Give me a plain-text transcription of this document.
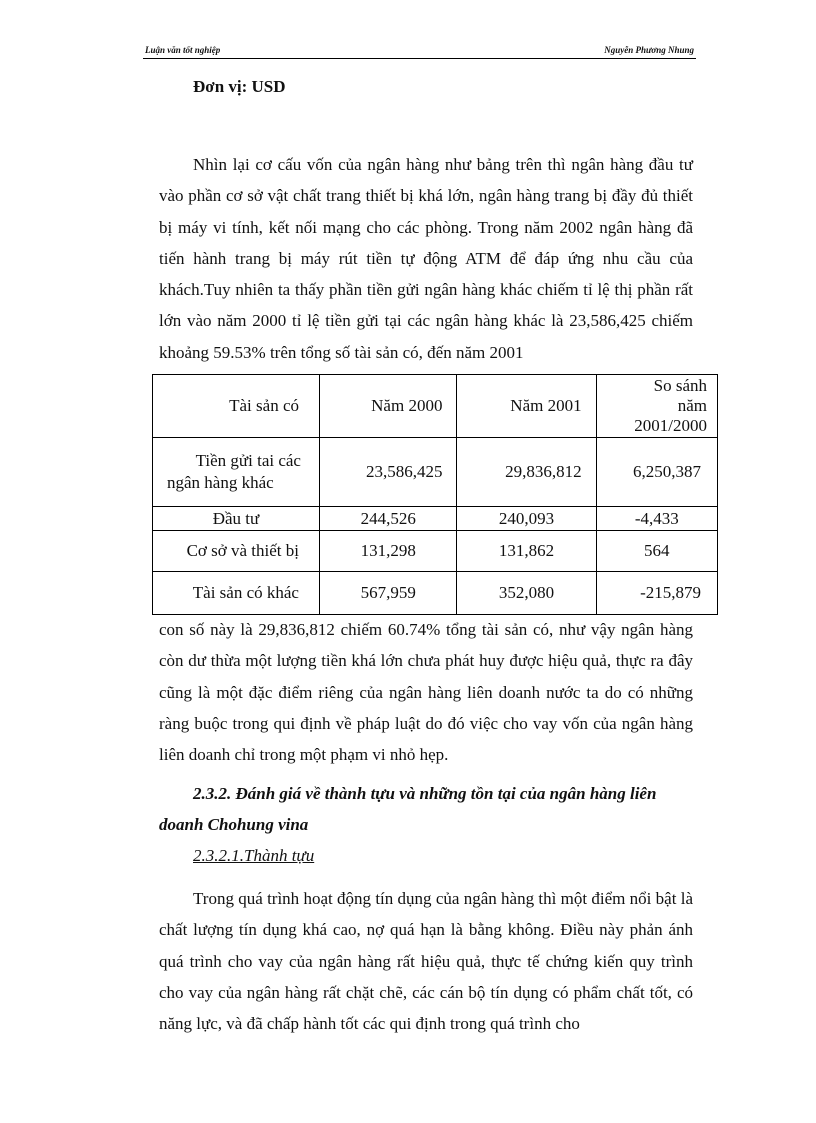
Luận văn tốt nghiệp	Nguyễn Phương Nhung
Đơn vị: USD

Nhìn lại cơ cấu vốn của ngân hàng như bảng trên thì ngân hàng đầu tư vào phần cơ sở vật chất trang thiết bị khá lớn, ngân hàng trang bị đầy đủ thiết bị máy vi tính, kết nối mạng cho các phòng. Trong năm 2002 ngân hàng đã tiến hành trang bị máy rút tiền tự động ATM để đáp ứng nhu cầu của khách.Tuy nhiên ta thấy phần tiền gửi ngân hàng khác chiếm tỉ lệ thị phần rất lớn vào năm 2000 tỉ lệ tiền gửi tại các ngân hàng khác là 23,586,425 chiếm khoảng 59.53% trên tổng số tài sản có, đến năm 2001

Tài sản có	Năm 2000	Năm 2001	So sánh
năm 2001/2000

Tiền gửi tai các
ngân hàng khác	23,586,425	29,836,812	6,250,387
Đầu tư	244,526	240,093	-4,433
Cơ sở và thiết bị	131,298	131,862	564
Tài sản có khác	567,959	352,080	-215,879

con số này là 29,836,812 chiếm 60.74% tổng tài sản có, như vậy ngân hàng còn dư thừa một lượng tiền khá lớn chưa phát huy được hiệu quả, thực ra đây cũng là một đặc điểm riêng của ngân hàng liên doanh nước ta do có những ràng buộc trong qui định về pháp luật do đó việc cho vay vốn của ngân hàng liên doanh chỉ trong một phạm vi nhỏ hẹp.

2.3.2. Đánh giá về thành tựu và những tồn tại của ngân hàng liên doanh Chohung vina

2.3.2.1.Thành tựu

Trong quá trình hoạt động tín dụng của ngân hàng thì một điểm nổi bật là chất lượng tín dụng khá cao, nợ quá hạn là bằng không. Điều này phản ánh quá trình cho vay của ngân hàng rất hiệu quả, thực tế chứng kiến quy trình cho vay của ngân hàng rất chặt chẽ, các cán bộ tín dụng có phẩm chất tốt, có năng lực, và đã chấp hành tốt các qui định trong quá trình cho
